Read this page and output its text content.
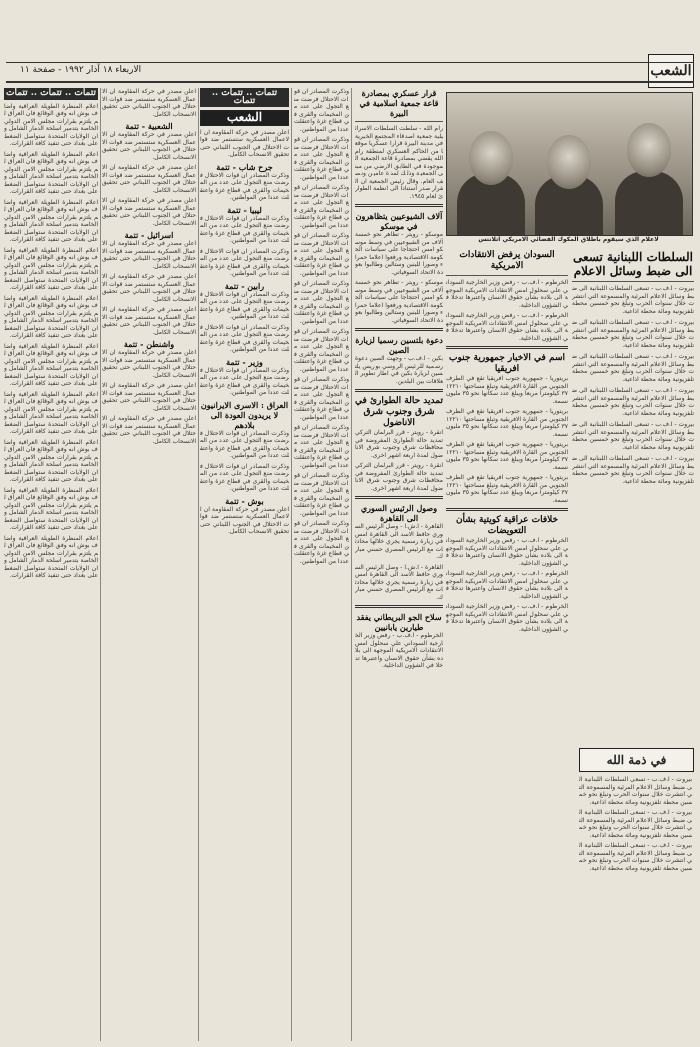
الشعب
الاربعاء ١٨ آذار ١٩٩٢ - صفحة ١١
لاعلام الذي سيقوم باطلاق المكوك الفضائي الامريكي اتلانتس
السلطات اللبنانية تسعى الى ضبط وسائل الاعلام
بيروت - ا.ف.ب - تسعى السلطات اللبنانية الى ضبط وسائل الاعلام المرئية والمسموعة التي انتشرت خلال سنوات الحرب وتبلغ نحو خمسين محطة تلفزيونية ومائة محطة اذاعية.
بيروت - ا.ف.ب - تسعى السلطات اللبنانية الى ضبط وسائل الاعلام المرئية والمسموعة التي انتشرت خلال سنوات الحرب وتبلغ نحو خمسين محطة تلفزيونية ومائة محطة اذاعية.
بيروت - ا.ف.ب - تسعى السلطات اللبنانية الى ضبط وسائل الاعلام المرئية والمسموعة التي انتشرت خلال سنوات الحرب وتبلغ نحو خمسين محطة تلفزيونية ومائة محطة اذاعية.
بيروت - ا.ف.ب - تسعى السلطات اللبنانية الى ضبط وسائل الاعلام المرئية والمسموعة التي انتشرت خلال سنوات الحرب وتبلغ نحو خمسين محطة تلفزيونية ومائة محطة اذاعية.
بيروت - ا.ف.ب - تسعى السلطات اللبنانية الى ضبط وسائل الاعلام المرئية والمسموعة التي انتشرت خلال سنوات الحرب وتبلغ نحو خمسين محطة تلفزيونية ومائة محطة اذاعية.
بيروت - ا.ف.ب - تسعى السلطات اللبنانية الى ضبط وسائل الاعلام المرئية والمسموعة التي انتشرت خلال سنوات الحرب وتبلغ نحو خمسين محطة تلفزيونية ومائة محطة اذاعية.
في ذمة الله
بيروت - ا.ف.ب - تسعى السلطات اللبنانية الى ضبط وسائل الاعلام المرئية والمسموعة التي انتشرت خلال سنوات الحرب وتبلغ نحو خمسين محطة تلفزيونية ومائة محطة اذاعية.
بيروت - ا.ف.ب - تسعى السلطات اللبنانية الى ضبط وسائل الاعلام المرئية والمسموعة التي انتشرت خلال سنوات الحرب وتبلغ نحو خمسين محطة تلفزيونية ومائة محطة اذاعية.
بيروت - ا.ف.ب - تسعى السلطات اللبنانية الى ضبط وسائل الاعلام المرئية والمسموعة التي انتشرت خلال سنوات الحرب وتبلغ نحو خمسين محطة تلفزيونية ومائة محطة اذاعية.
السودان يرفض الانتقادات الامريكية
الخرطوم - ا.ف.ب - رفض وزير الخارجية السوداني علي سحلول امس الانتقادات الامريكية الموجهة الى بلاده بشأن حقوق الانسان واعتبرها تدخلا في الشؤون الداخلية.
الخرطوم - ا.ف.ب - رفض وزير الخارجية السوداني علي سحلول امس الانتقادات الامريكية الموجهة الى بلاده بشأن حقوق الانسان واعتبرها تدخلا في الشؤون الداخلية.
اسم في الاخبار جمهورية جنوب افريقيا
بريتوريا - جمهورية جنوب افريقيا تقع في الطرف الجنوبي من القارة الافريقية وتبلغ مساحتها ١٢٢١٠٣٧ كيلومترا مربعا ويبلغ عدد سكانها نحو ٣٥ مليون نسمة.
بريتوريا - جمهورية جنوب افريقيا تقع في الطرف الجنوبي من القارة الافريقية وتبلغ مساحتها ١٢٢١٠٣٧ كيلومترا مربعا ويبلغ عدد سكانها نحو ٣٥ مليون نسمة.
بريتوريا - جمهورية جنوب افريقيا تقع في الطرف الجنوبي من القارة الافريقية وتبلغ مساحتها ١٢٢١٠٣٧ كيلومترا مربعا ويبلغ عدد سكانها نحو ٣٥ مليون نسمة.
بريتوريا - جمهورية جنوب افريقيا تقع في الطرف الجنوبي من القارة الافريقية وتبلغ مساحتها ١٢٢١٠٣٧ كيلومترا مربعا ويبلغ عدد سكانها نحو ٣٥ مليون نسمة.
خلافات عراقية كويتية بشأن التعويضات
الخرطوم - ا.ف.ب - رفض وزير الخارجية السوداني علي سحلول امس الانتقادات الامريكية الموجهة الى بلاده بشأن حقوق الانسان واعتبرها تدخلا في الشؤون الداخلية.
الخرطوم - ا.ف.ب - رفض وزير الخارجية السوداني علي سحلول امس الانتقادات الامريكية الموجهة الى بلاده بشأن حقوق الانسان واعتبرها تدخلا في الشؤون الداخلية.
الخرطوم - ا.ف.ب - رفض وزير الخارجية السوداني علي سحلول امس الانتقادات الامريكية الموجهة الى بلاده بشأن حقوق الانسان واعتبرها تدخلا في الشؤون الداخلية.
قرار عسكري بمصادرة قاعة جمعية اسلامية في البيرة
رام الله - سلطت السلطات الاسرائيلية جمعية اصدقاء المجتمع الخيرية في مدينة البيرة قرارا عسكريا موقعا من الحاكم العسكري لمنطقة رام الله يقضي بمصادرة قاعة الجمعية الموجودة في الطابق الارضي من مبنى الجمعية وذلك لمدة عامين ونصف العام. وقال رئيس الجمعية ان القرار صدر استنادا الى انظمة الطوارئ لعام ١٩٤٥.
آلاف الشيوعيين يتظاهرون في موسكو
موسكو - رويتر - تظاهر نحو خمسة آلاف من الشيوعيين في وسط موسكو امس احتجاجا على سياسات الحكومة الاقتصادية ورفعوا اعلاما حمراء وصورا للينين وستالين وطالبوا بعودة الاتحاد السوفياتي.
موسكو - رويتر - تظاهر نحو خمسة آلاف من الشيوعيين في وسط موسكو امس احتجاجا على سياسات الحكومة الاقتصادية ورفعوا اعلاما حمراء وصورا للينين وستالين وطالبوا بعودة الاتحاد السوفياتي.
دعوة بلتسين رسميا لزيارة الصين
بكين - ا.ف.ب - وجهت الصين دعوة رسمية للرئيس الروسي بوريس يلتسين لزيارة بكين في اطار تطوير العلاقات بين البلدين.
تمديد حالة الطوارئ في شرق وجنوب شرق الاناضول
انقرة - رويتر - قرر البرلمان التركي تمديد حالة الطوارئ المفروضة في محافظات شرق وجنوب شرق الاناضول لمدة اربعة اشهر اخرى.
انقرة - رويتر - قرر البرلمان التركي تمديد حالة الطوارئ المفروضة في محافظات شرق وجنوب شرق الاناضول لمدة اربعة اشهر اخرى.
وصول الرئيس السوري الى القاهرة
القاهرة - ا.ش.ا - وصل الرئيس السوري حافظ الاسد الى القاهرة امس في زيارة رسمية يجري خلالها محادثات مع الرئيس المصري حسني مبارك.
القاهرة - ا.ش.ا - وصل الرئيس السوري حافظ الاسد الى القاهرة امس في زيارة رسمية يجري خلالها محادثات مع الرئيس المصري حسني مبارك.
سلاح الجو البريطاني يفقد طيارين يابانيين
الخرطوم - ا.ف.ب - رفض وزير الخارجية السوداني علي سحلول امس الانتقادات الامريكية الموجهة الى بلاده بشأن حقوق الانسان واعتبرها تدخلا في الشؤون الداخلية.
وذكرت المصادر ان قوات الاحتلال فرضت منع التجول على عدد من المخيمات والقرى في قطاع غزة واعتقلت عددا من المواطنين.
وذكرت المصادر ان قوات الاحتلال فرضت منع التجول على عدد من المخيمات والقرى في قطاع غزة واعتقلت عددا من المواطنين.
وذكرت المصادر ان قوات الاحتلال فرضت منع التجول على عدد من المخيمات والقرى في قطاع غزة واعتقلت عددا من المواطنين.
وذكرت المصادر ان قوات الاحتلال فرضت منع التجول على عدد من المخيمات والقرى في قطاع غزة واعتقلت عددا من المواطنين.
وذكرت المصادر ان قوات الاحتلال فرضت منع التجول على عدد من المخيمات والقرى في قطاع غزة واعتقلت عددا من المواطنين.
وذكرت المصادر ان قوات الاحتلال فرضت منع التجول على عدد من المخيمات والقرى في قطاع غزة واعتقلت عددا من المواطنين.
وذكرت المصادر ان قوات الاحتلال فرضت منع التجول على عدد من المخيمات والقرى في قطاع غزة واعتقلت عددا من المواطنين.
وذكرت المصادر ان قوات الاحتلال فرضت منع التجول على عدد من المخيمات والقرى في قطاع غزة واعتقلت عددا من المواطنين.
وذكرت المصادر ان قوات الاحتلال فرضت منع التجول على عدد من المخيمات والقرى في قطاع غزة واعتقلت عددا من المواطنين.
وذكرت المصادر ان قوات الاحتلال فرضت منع التجول على عدد من المخيمات والقرى في قطاع غزة واعتقلت عددا من المواطنين.
تتمات .. تتمات .. تتمات
الشعب
اعلن مصدر في حركة المقاومة ان الاعمال العسكرية ستستمر ضد قوات الاحتلال في الجنوب اللبناني حتى تحقيق الانسحاب الكامل.
جرح شاب - تتمة
وذكرت المصادر ان قوات الاحتلال فرضت منع التجول على عدد من المخيمات والقرى في قطاع غزة واعتقلت عددا من المواطنين.
ليبيا - تتمة
وذكرت المصادر ان قوات الاحتلال فرضت منع التجول على عدد من المخيمات والقرى في قطاع غزة واعتقلت عددا من المواطنين.
وذكرت المصادر ان قوات الاحتلال فرضت منع التجول على عدد من المخيمات والقرى في قطاع غزة واعتقلت عددا من المواطنين.
رابين - تتمة
وذكرت المصادر ان قوات الاحتلال فرضت منع التجول على عدد من المخيمات والقرى في قطاع غزة واعتقلت عددا من المواطنين.
وذكرت المصادر ان قوات الاحتلال فرضت منع التجول على عدد من المخيمات والقرى في قطاع غزة واعتقلت عددا من المواطنين.
وزير - تتمة
وذكرت المصادر ان قوات الاحتلال فرضت منع التجول على عدد من المخيمات والقرى في قطاع غزة واعتقلت عددا من المواطنين.
العراق : الاسرى الايرانيون لا يريدون العودة الى بلادهم
وذكرت المصادر ان قوات الاحتلال فرضت منع التجول على عدد من المخيمات والقرى في قطاع غزة واعتقلت عددا من المواطنين.
وذكرت المصادر ان قوات الاحتلال فرضت منع التجول على عدد من المخيمات والقرى في قطاع غزة واعتقلت عددا من المواطنين.
بوش - تتمة
اعلن مصدر في حركة المقاومة ان الاعمال العسكرية ستستمر ضد قوات الاحتلال في الجنوب اللبناني حتى تحقيق الانسحاب الكامل.
تتمات .. تتمات .. تتمات
اعلام المنظرة الطويلة العراقية واضاف بوش انه وفق الوقائع فان العراق لم يلتزم بقرارات مجلس الامن الدولي الخاصة بتدمير اسلحة الدمار الشامل وان الولايات المتحدة ستواصل الضغط على بغداد حتى تنفيذ كافة القرارات.
اعلام المنظرة الطويلة العراقية واضاف بوش انه وفق الوقائع فان العراق لم يلتزم بقرارات مجلس الامن الدولي الخاصة بتدمير اسلحة الدمار الشامل وان الولايات المتحدة ستواصل الضغط على بغداد حتى تنفيذ كافة القرارات.
اعلام المنظرة الطويلة العراقية واضاف بوش انه وفق الوقائع فان العراق لم يلتزم بقرارات مجلس الامن الدولي الخاصة بتدمير اسلحة الدمار الشامل وان الولايات المتحدة ستواصل الضغط على بغداد حتى تنفيذ كافة القرارات.
اعلام المنظرة الطويلة العراقية واضاف بوش انه وفق الوقائع فان العراق لم يلتزم بقرارات مجلس الامن الدولي الخاصة بتدمير اسلحة الدمار الشامل وان الولايات المتحدة ستواصل الضغط على بغداد حتى تنفيذ كافة القرارات.
اعلام المنظرة الطويلة العراقية واضاف بوش انه وفق الوقائع فان العراق لم يلتزم بقرارات مجلس الامن الدولي الخاصة بتدمير اسلحة الدمار الشامل وان الولايات المتحدة ستواصل الضغط على بغداد حتى تنفيذ كافة القرارات.
اعلام المنظرة الطويلة العراقية واضاف بوش انه وفق الوقائع فان العراق لم يلتزم بقرارات مجلس الامن الدولي الخاصة بتدمير اسلحة الدمار الشامل وان الولايات المتحدة ستواصل الضغط على بغداد حتى تنفيذ كافة القرارات.
اعلام المنظرة الطويلة العراقية واضاف بوش انه وفق الوقائع فان العراق لم يلتزم بقرارات مجلس الامن الدولي الخاصة بتدمير اسلحة الدمار الشامل وان الولايات المتحدة ستواصل الضغط على بغداد حتى تنفيذ كافة القرارات.
اعلام المنظرة الطويلة العراقية واضاف بوش انه وفق الوقائع فان العراق لم يلتزم بقرارات مجلس الامن الدولي الخاصة بتدمير اسلحة الدمار الشامل وان الولايات المتحدة ستواصل الضغط على بغداد حتى تنفيذ كافة القرارات.
اعلام المنظرة الطويلة العراقية واضاف بوش انه وفق الوقائع فان العراق لم يلتزم بقرارات مجلس الامن الدولي الخاصة بتدمير اسلحة الدمار الشامل وان الولايات المتحدة ستواصل الضغط على بغداد حتى تنفيذ كافة القرارات.
اعلام المنظرة الطويلة العراقية واضاف بوش انه وفق الوقائع فان العراق لم يلتزم بقرارات مجلس الامن الدولي الخاصة بتدمير اسلحة الدمار الشامل وان الولايات المتحدة ستواصل الضغط على بغداد حتى تنفيذ كافة القرارات.
اعلن مصدر في حركة المقاومة ان الاعمال العسكرية ستستمر ضد قوات الاحتلال في الجنوب اللبناني حتى تحقيق الانسحاب الكامل.
الشعبية - تتمة
اعلن مصدر في حركة المقاومة ان الاعمال العسكرية ستستمر ضد قوات الاحتلال في الجنوب اللبناني حتى تحقيق الانسحاب الكامل.
اعلن مصدر في حركة المقاومة ان الاعمال العسكرية ستستمر ضد قوات الاحتلال في الجنوب اللبناني حتى تحقيق الانسحاب الكامل.
اعلن مصدر في حركة المقاومة ان الاعمال العسكرية ستستمر ضد قوات الاحتلال في الجنوب اللبناني حتى تحقيق الانسحاب الكامل.
اسرائيل - تتمة
اعلن مصدر في حركة المقاومة ان الاعمال العسكرية ستستمر ضد قوات الاحتلال في الجنوب اللبناني حتى تحقيق الانسحاب الكامل.
اعلن مصدر في حركة المقاومة ان الاعمال العسكرية ستستمر ضد قوات الاحتلال في الجنوب اللبناني حتى تحقيق الانسحاب الكامل.
اعلن مصدر في حركة المقاومة ان الاعمال العسكرية ستستمر ضد قوات الاحتلال في الجنوب اللبناني حتى تحقيق الانسحاب الكامل.
واشنطن - تتمة
اعلن مصدر في حركة المقاومة ان الاعمال العسكرية ستستمر ضد قوات الاحتلال في الجنوب اللبناني حتى تحقيق الانسحاب الكامل.
اعلن مصدر في حركة المقاومة ان الاعمال العسكرية ستستمر ضد قوات الاحتلال في الجنوب اللبناني حتى تحقيق الانسحاب الكامل.
اعلن مصدر في حركة المقاومة ان الاعمال العسكرية ستستمر ضد قوات الاحتلال في الجنوب اللبناني حتى تحقيق الانسحاب الكامل.
